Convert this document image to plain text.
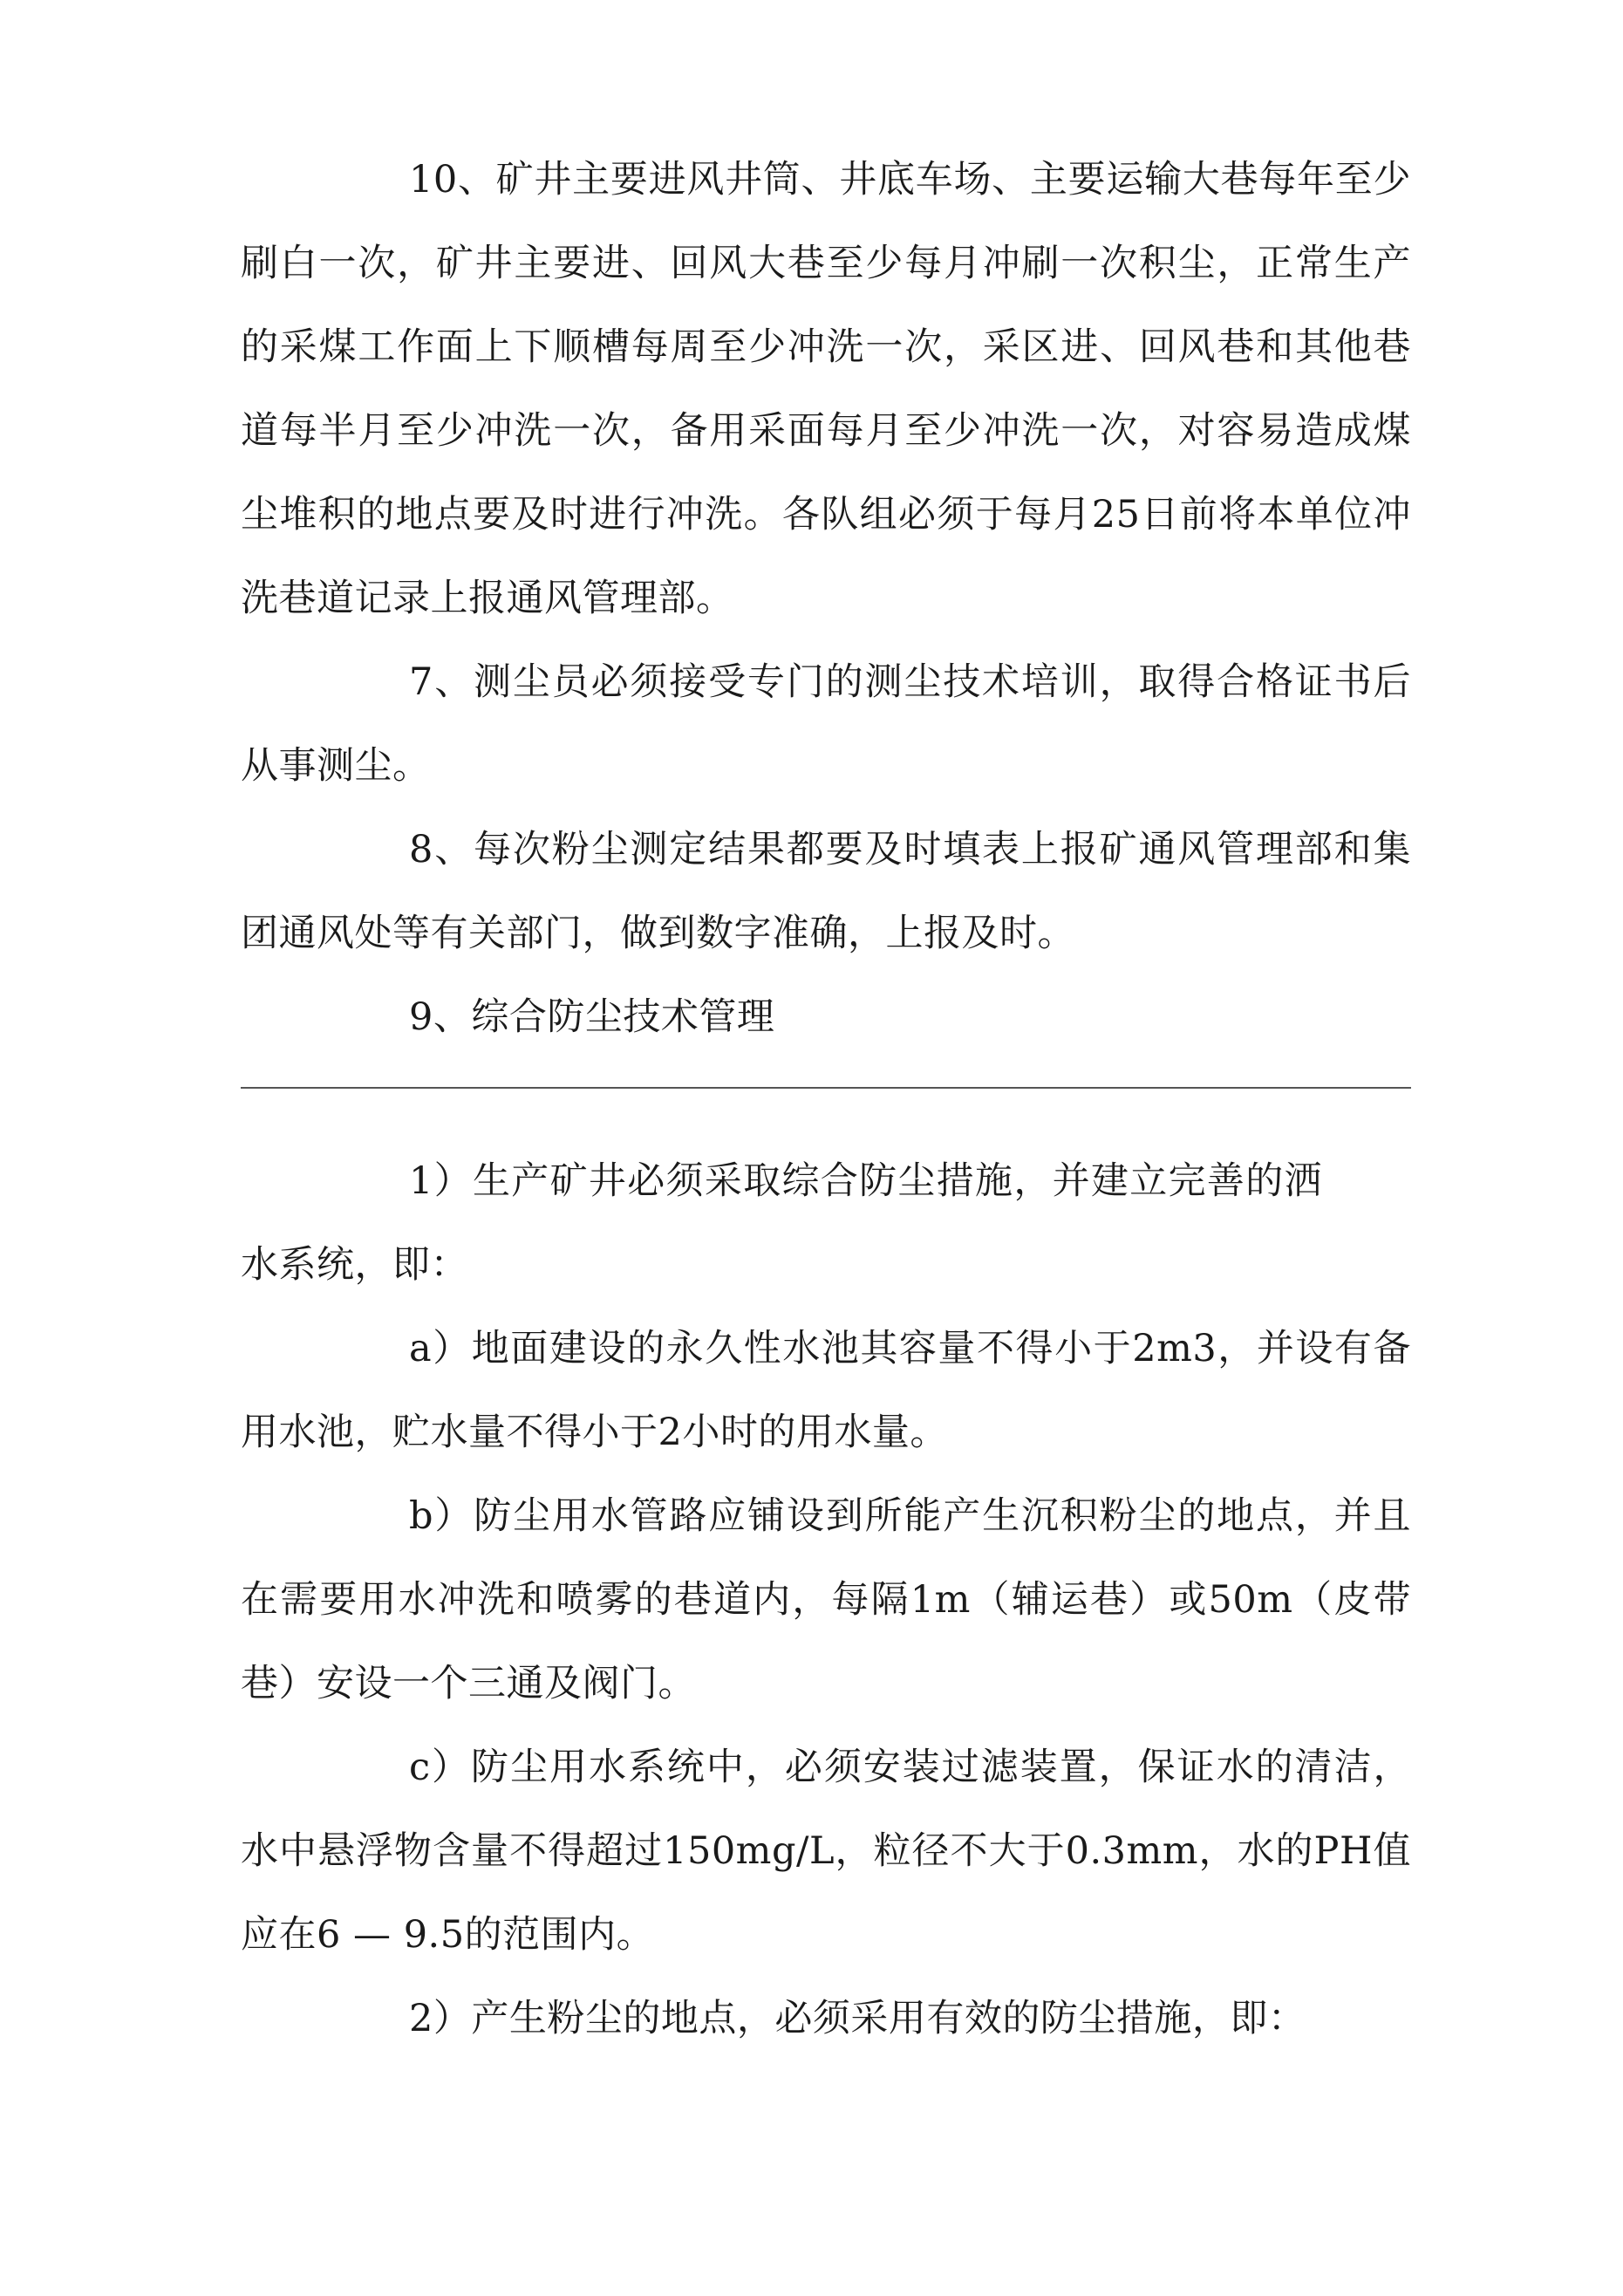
10、矿井主要进风井筒、井底车场、主要运输大巷每年至少刷白一次，矿井主要进、回风大巷至少每月冲刷一次积尘，正常生产的采煤工作面上下顺槽每周至少冲洗一次，采区进、回风巷和其他巷道每半月至少冲洗一次，备用采面每月至少冲洗一次，对容易造成煤尘堆积的地点要及时进行冲洗。各队组必须于每月25日前将本单位冲洗巷道记录上报通风管理部。

7、测尘员必须接受专门的测尘技术培训，取得合格证书后从事测尘。

8、每次粉尘测定结果都要及时填表上报矿通风管理部和集团通风处等有关部门，做到数字准确，上报及时。

9、综合防尘技术管理

1）生产矿井必须采取综合防尘措施，并建立完善的洒水系统，即：

a）地面建设的永久性水池其容量不得小于2m3，并设有备用水池，贮水量不得小于2小时的用水量。

b）防尘用水管路应铺设到所能产生沉积粉尘的地点，并且在需要用水冲洗和喷雾的巷道内，每隔1m（辅运巷）或50m（皮带巷）安设一个三通及阀门。

c）防尘用水系统中，必须安装过滤装置，保证水的清洁，水中悬浮物含量不得超过150mg/L，粒径不大于0.3mm，水的PH值应在6 — 9.5的范围内。

2）产生粉尘的地点，必须采用有效的防尘措施，即：
